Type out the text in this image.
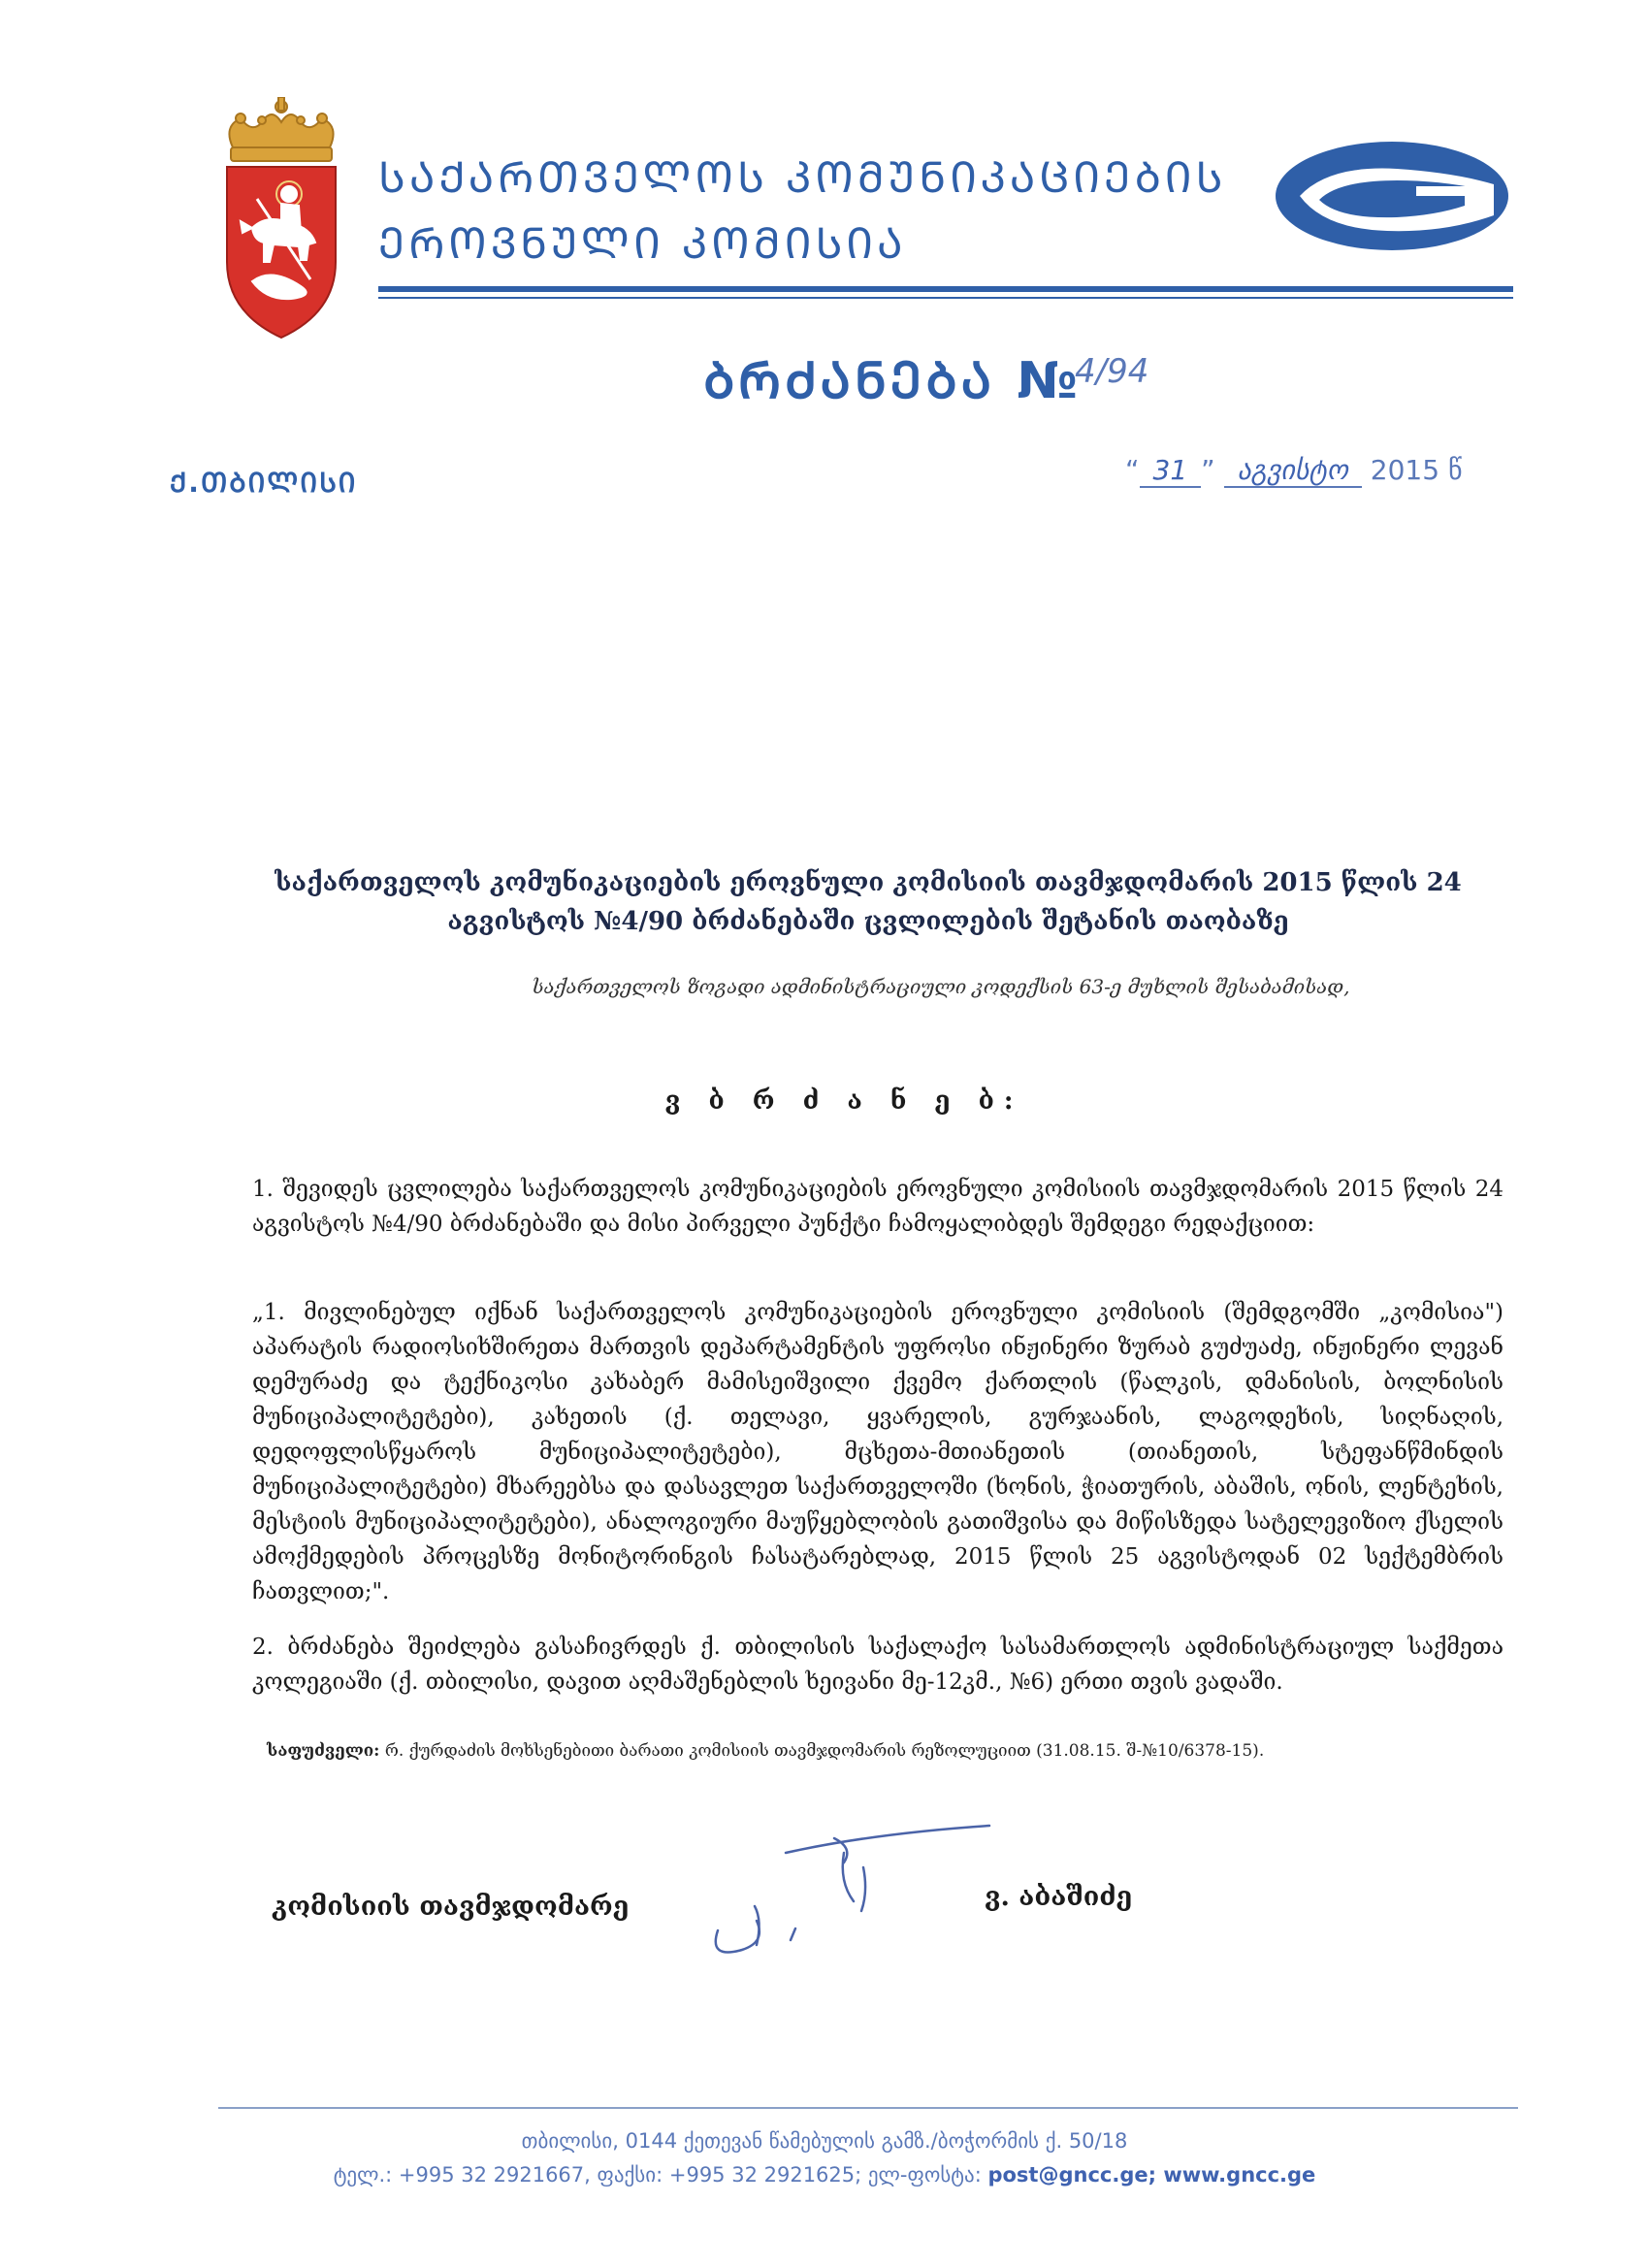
ᲡᲐᲥᲐᲠᲗᲕᲔᲚᲝᲡ ᲙᲝᲛᲣᲜᲘᲙᲐᲪᲘᲔᲑᲘᲡ
ᲔᲠᲝᲕᲜᲣᲚᲘ ᲙᲝᲛᲘᲡᲘᲐ
ᲑᲠᲫᲐᲜᲔᲑᲐ №
4/94
Ქ.ᲗᲑᲘᲚᲘᲡᲘ	“ 31 ” აგვისტო 2015 წ
საქართველოს კომუნიკაციების ეროვნული კომისიის თავმჯდომარის 2015 წლის 24 აგვისტოს №4/90 ბრძანებაში ცვლილების შეტანის თაობაზე
საქართველოს ზოგადი ადმინისტრაციული კოდექსის 63-ე მუხლის შესაბამისად,
ვ ბ რ ძ ა ნ ე ბ:
1. შევიდეს ცვლილება საქართველოს კომუნიკაციების ეროვნული კომისიის თავმჯდომარის 2015 წლის 24 აგვისტოს №4/90 ბრძანებაში და მისი პირველი პუნქტი ჩამოყალიბდეს შემდეგი რედაქციით:
„1. მივლინებულ იქნან საქართველოს კომუნიკაციების ეროვნული კომისიის (შემდგომში „კომისია") აპარატის რადიოსიხშირეთა მართვის დეპარტამენტის უფროსი ინჟინერი ზურაბ გუძუაძე, ინჟინერი ლევან დემურაძე და ტექნიკოსი კახაბერ მამისეიშვილი ქვემო ქართლის (წალკის, დმანისის, ბოლნისის მუნიციპალიტეტები), კახეთის (ქ. თელავი, ყვარელის, გურჯაანის, ლაგოდეხის, სიღნაღის, დედოფლისწყაროს მუნიციპალიტეტები), მცხეთა-მთიანეთის (თიანეთის, სტეფანწმინდის მუნიციპალიტეტები) მხარეებსა და დასავლეთ საქართველოში (ხონის, ჭიათურის, აბაშის, ონის, ლენტეხის, მესტიის მუნიციპალიტეტები), ანალოგიური მაუწყებლობის გათიშვისა და მიწისზედა სატელევიზიო ქსელის ამოქმედების პროცესზე მონიტორინგის ჩასატარებლად, 2015 წლის 25 აგვისტოდან 02 სექტემბრის ჩათვლით;".
2. ბრძანება შეიძლება გასაჩივრდეს ქ. თბილისის საქალაქო სასამართლოს ადმინისტრაციულ საქმეთა კოლეგიაში (ქ. თბილისი, დავით აღმაშენებლის ხეივანი მე-12კმ., №6) ერთი თვის ვადაში.
საფუძველი: რ. ქურდაძის მოხსენებითი ბარათი კომისიის თავმჯდომარის რეზოლუციით (31.08.15. შ-№10/6378-15).
კომისიის თავმჯდომარე	ვ. აბაშიძე
თბილისი, 0144 ქეთევან წამებულის გამზ./ბოჭორმის ქ. 50/18
ტელ.: +995 32 2921667, ფაქსი: +995 32 2921625; ელ-ფოსტა: post@gncc.ge; www.gncc.ge
